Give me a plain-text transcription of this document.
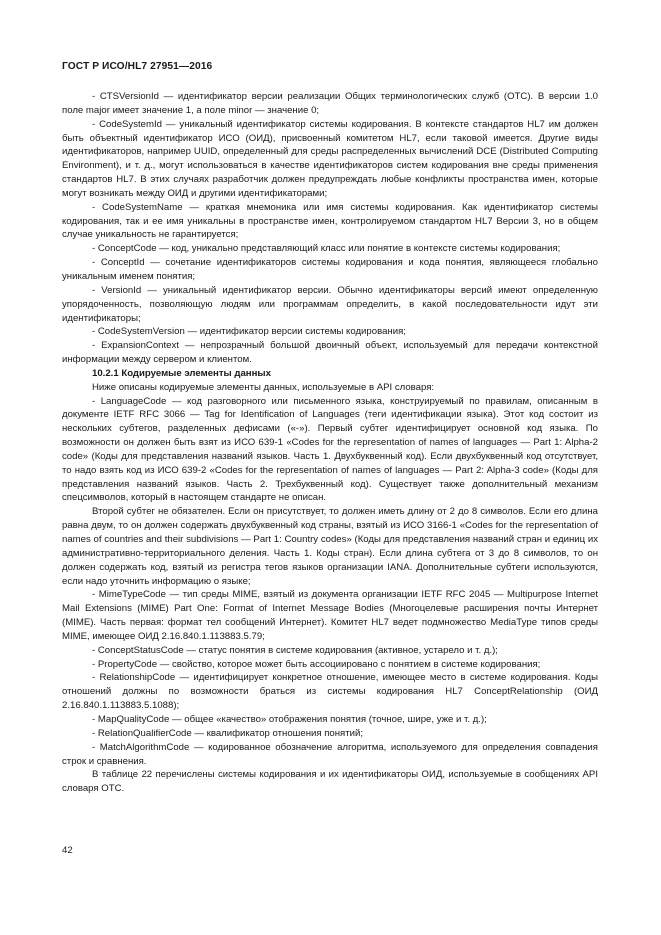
ГОСТ Р ИСО/HL7 27951—2016

- CTSVersionId — идентификатор версии реализации Общих терминологических служб (ОТС). В версии 1.0 поле major имеет значение 1, а поле minor — значение 0;

- CodeSystemId — уникальный идентификатор системы кодирования. В контексте стандартов HL7 им должен быть объектный идентификатор ИСО (ОИД), присвоенный комитетом HL7, если таковой имеется. Другие виды идентификаторов, например UUID, определенный для среды распределенных вычислений DCE (Distributed Computing Environment), и т. д., могут использоваться в качестве идентификаторов систем кодирования вне среды применения стандартов HL7. В этих случаях разработчик должен предупреждать любые конфликты пространства имен, которые могут возникать между ОИД и другими идентификаторами;

- CodeSystemName — краткая мнемоника или имя системы кодирования. Как идентификатор системы кодирования, так и ее имя уникальны в пространстве имен, контролируемом стандартом HL7 Версии 3, но в общем случае уникальность не гарантируется;

- ConceptCode — код, уникально представляющий класс или понятие в контексте системы кодирования;

- ConceptId — сочетание идентификаторов системы кодирования и кода понятия, являющееся глобально уникальным именем понятия;

- VersionId — уникальный идентификатор версии. Обычно идентификаторы версий имеют определенную упорядоченность, позволяющую людям или программам определить, в какой последовательности идут эти идентификаторы;

- CodeSystemVersion — идентификатор версии системы кодирования;

- ExpansionContext — непрозрачный большой двоичный объект, используемый для передачи контекстной информации между сервером и клиентом.

10.2.1 Кодируемые элементы данных

Ниже описаны кодируемые элементы данных, используемые в API словаря:

- LanguageCode — код разговорного или письменного языка, конструируемый по правилам, описанным в документе IETF RFC 3066 — Tag for Identification of Languages (теги идентификации языка). Этот код состоит из нескольких субтегов, разделенных дефисами («-»). Первый субтег идентифицирует основной код языка. По возможности он должен быть взят из ИСО 639-1 «Codes for the representation of names of languages — Part 1: Alpha-2 code» (Коды для представления названий языков. Часть 1. Двухбуквенный код). Если двухбуквенный код отсутствует, то надо взять код из ИСО 639-2 «Codes for the representation of names of languages — Part 2: Alpha-3 code» (Коды для представления названий языков. Часть 2. Трехбуквенный код). Существует также дополнительный механизм спецсимволов, который в настоящем стандарте не описан.

Второй субтег не обязателен. Если он присутствует, то должен иметь длину от 2 до 8 символов. Если его длина равна двум, то он должен содержать двухбуквенный код страны, взятый из ИСО 3166-1 «Codes for the representation of names of countries and their subdivisions — Part 1: Country codes» (Коды для представления названий стран и единиц их административно-территориального деления. Часть 1. Коды стран). Если длина субтега от 3 до 8 символов, то он должен содержать код, взятый из регистра тегов языков организации IANA. Дополнительные субтеги используются, если надо уточнить информацию о языке;

- MimeTypeCode — тип среды MIME, взятый из документа организации IETF RFC 2045 — Multipurpose Internet Mail Extensions (MIME) Part One: Format of Internet Message Bodies (Многоцелевые расширения почты Интернет (MIME). Часть первая: формат тел сообщений Интернет). Комитет HL7 ведет подмножество MediaType типов среды MIME, имеющее ОИД 2.16.840.1.113883.5.79;

- ConceptStatusCode — статус понятия в системе кодирования (активное, устарело и т. д.);

- PropertyCode — свойство, которое может быть ассоциировано с понятием в системе кодирования;

- RelationshipCode — идентифицирует конкретное отношение, имеющее место в системе кодирования. Коды отношений должны по возможности браться из системы кодирования HL7 ConceptRelationship (ОИД 2.16.840.1.113883.5.1088);

- MapQualityCode — общее «качество» отображения понятия (точное, шире, уже и т. д.);

- RelationQualifierCode — квалификатор отношения понятий;

- MatchAlgorithmCode — кодированное обозначение алгоритма, используемого для определения совпадения строк и сравнения.

В таблице 22 перечислены системы кодирования и их идентификаторы ОИД, используемые в сообщениях API словаря ОТС.

42
